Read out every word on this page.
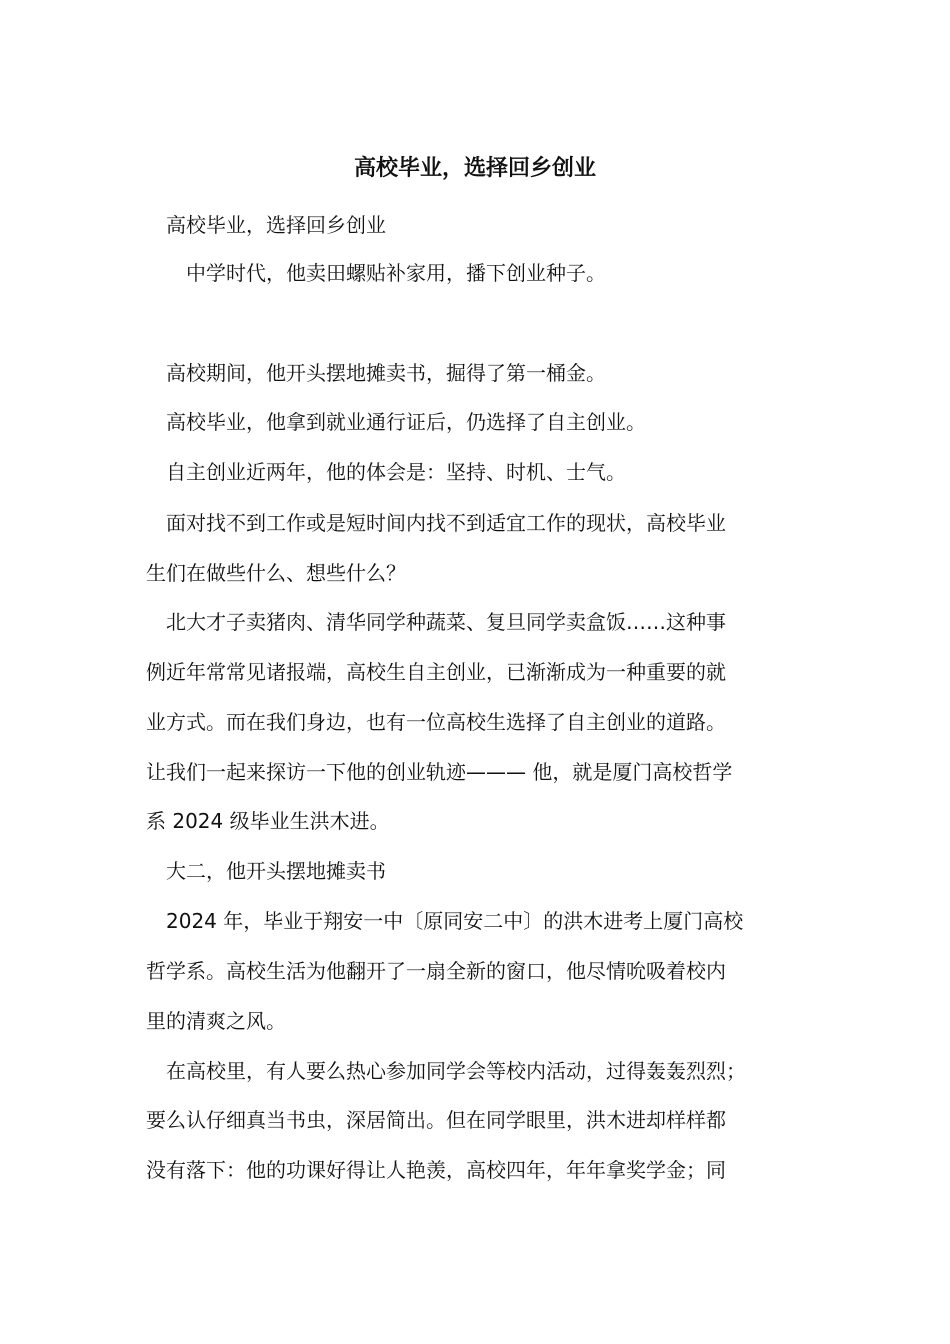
高校毕业，选择回乡创业

　高校毕业，选择回乡创业

　　中学时代，他卖田螺贴补家用，播下创业种子。

　高校期间，他开头摆地摊卖书，掘得了第一桶金。

　高校毕业，他拿到就业通行证后，仍选择了自主创业。

　自主创业近两年，他的体会是：坚持、时机、士气。

　面对找不到工作或是短时间内找不到适宜工作的现状，高校毕业

生们在做些什么、想些什么？

　北大才子卖猪肉、清华同学种蔬菜、复旦同学卖盒饭……这种事

例近年常常见诸报端，高校生自主创业，已渐渐成为一种重要的就

业方式。而在我们身边，也有一位高校生选择了自主创业的道路。

让我们一起来探访一下他的创业轨迹——— 他，就是厦门高校哲学

系 2024 级毕业生洪木进。

　大二，他开头摆地摊卖书

　2024 年，毕业于翔安一中〔原同安二中〕的洪木进考上厦门高校

哲学系。高校生活为他翻开了一扇全新的窗口，他尽情吮吸着校内

里的清爽之风。

　在高校里，有人要么热心参加同学会等校内活动，过得轰轰烈烈；

要么认仔细真当书虫，深居简出。但在同学眼里，洪木进却样样都

没有落下：他的功课好得让人艳羡，高校四年，年年拿奖学金；同
